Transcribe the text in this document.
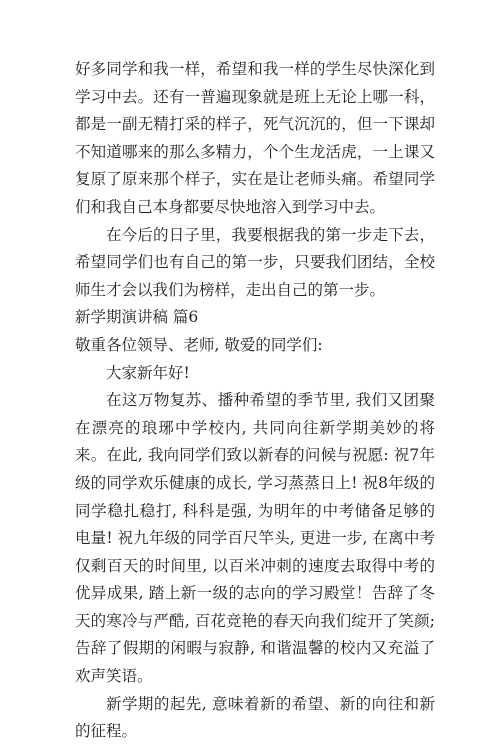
好多同学和我一样，希望和我一样的学生尽快深化到学习中去。还有一普遍现象就是班上无论上哪一科，都是一副无精打采的样子，死气沉沉的，但一下课却不知道哪来的那么多精力，个个生龙活虎，一上课又复原了原来那个样子，实在是让老师头痛。希望同学们和我自己本身都要尽快地溶入到学习中去。

在今后的日子里，我要根据我的第一步走下去，希望同学们也有自己的第一步，只要我们团结，全校师生才会以我们为榜样，走出自己的第一步。

新学期演讲稿 篇6

敬重各位领导、老师, 敬爱的同学们:

大家新年好!

在这万物复苏、播种希望的季节里, 我们又团聚在漂亮的琅琊中学校内, 共同向往新学期美妙的将来。在此, 我向同学们致以新春的问候与祝愿: 祝7年级的同学欢乐健康的成长, 学习蒸蒸日上! 祝8年级的同学稳扎稳打, 科科是强, 为明年的中考储备足够的电量! 祝九年级的同学百尺竿头, 更进一步, 在离中考仅剩百天的时间里, 以百米冲刺的速度去取得中考的优异成果, 踏上新一级的志向的学习殿堂！告辞了冬天的寒冷与严酷, 百花竞艳的春天向我们绽开了笑颜; 告辞了假期的闲暇与寂静, 和谐温馨的校内又充溢了欢声笑语。

新学期的起先, 意味着新的希望、新的向往和新的征程。
